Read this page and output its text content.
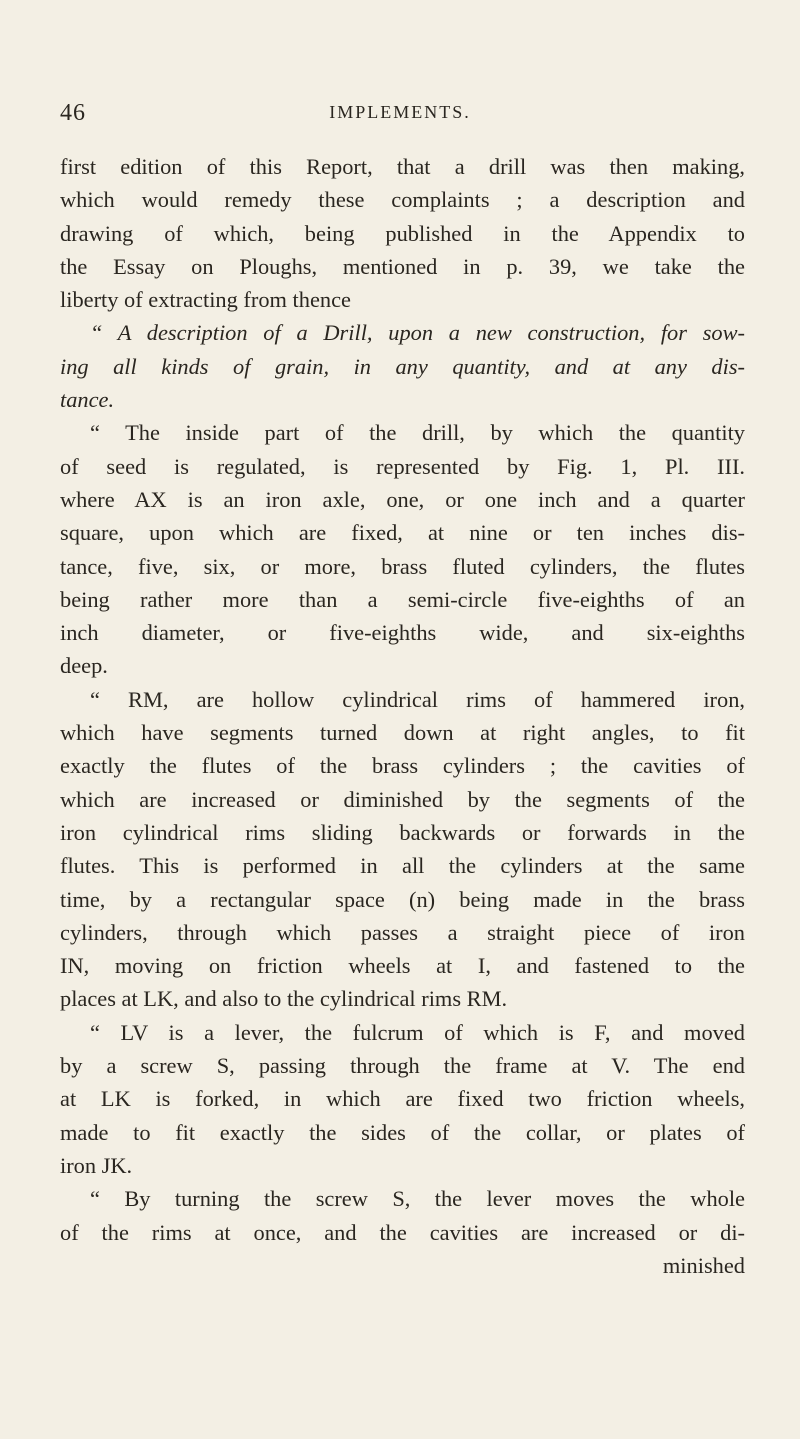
46	IMPLEMENTS.
first edition of this Report, that a drill was then making,
which would remedy these complaints ; a description and
drawing of which, being published in the Appendix to
the Essay on Ploughs, mentioned in p. 39, we take the
liberty of extracting from thence
“ A description of a Drill, upon a new construction, for sow-
ing all kinds of grain, in any quantity, and at any dis-
tance.
“ The inside part of the drill, by which the quantity
of seed is regulated, is represented by Fig. 1, Pl. III.
where AX is an iron axle, one, or one inch and a quarter
square, upon which are fixed, at nine or ten inches dis-
tance, five, six, or more, brass fluted cylinders, the flutes
being rather more than a semi-circle five-eighths of an
inch diameter, or five-eighths wide, and six-eighths
deep.
“ RM, are hollow cylindrical rims of hammered iron,
which have segments turned down at right angles, to fit
exactly the flutes of the brass cylinders ; the cavities of
which are increased or diminished by the segments of the
iron cylindrical rims sliding backwards or forwards in the
flutes. This is performed in all the cylinders at the same
time, by a rectangular space (n) being made in the brass
cylinders, through which passes a straight piece of iron
IN, moving on friction wheels at I, and fastened to the
places at LK, and also to the cylindrical rims RM.
“ LV is a lever, the fulcrum of which is F, and moved
by a screw S, passing through the frame at V. The end
at LK is forked, in which are fixed two friction wheels,
made to fit exactly the sides of the collar, or plates of
iron JK.
“ By turning the screw S, the lever moves the whole
of the rims at once, and the cavities are increased or di-
minished
